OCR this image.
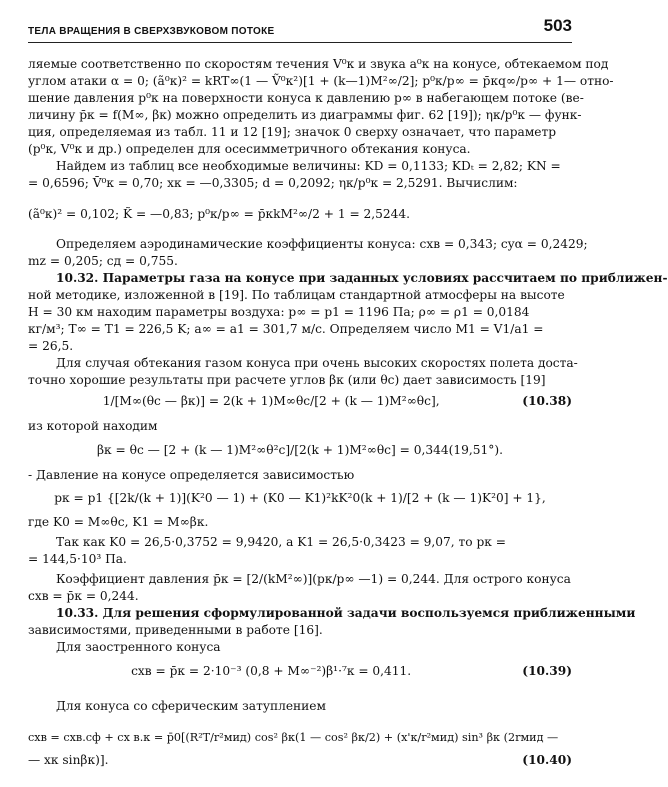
ТЕЛА ВРАЩЕНИЯ В СВЕРХЗВУКОВОМ ПОТОКЕ	503
ляемые соответственно по скоростям течения V⁰к и звука a⁰к на конусе, обтекаемом под
углом атаки α = 0; (ã⁰к)² = kRT∞(1 — Ṽ⁰к²)[1 + (k—1)M²∞/2]; p⁰к/p∞ = p̄кq∞/p∞ + 1— отно-
шение давления p⁰к на поверхности конуса к давлению p∞ в набегающем потоке (ве-
личину p̄к = f(M∞, βк) можно определить из диаграммы фиг. 62 [19]); ηк/p⁰к — функ-
ция, определяемая из табл. 11 и 12 [19]; значок 0 сверху означает, что параметр
(p⁰к, V⁰к и др.) определен для осесимметричного обтекания конуса.
Найдем из таблиц все необходимые величины: KD = 0,1133; KDₜ = 2,82; KN =
= 0,6596; V̄⁰к = 0,70; xк = —0,3305; d = 0,2092; ηк/p⁰к = 2,5291. Вычислим:
(ã⁰к)² = 0,102; K̃ = —0,83; p⁰к/p∞ = p̄кkM²∞/2 + 1 = 2,5244.
Определяем аэродинамические коэффициенты конуса: cxв = 0,343; cyα = 0,2429;
mz = 0,205; cд = 0,755.
10.32. Параметры газа на конусе при заданных условиях рассчитаем по приближен-
ной методике, изложенной в [19]. По таблицам стандартной атмосферы на высоте
H = 30 км находим параметры воздуха: p∞ = p1 = 1196 Па; ρ∞ = ρ1 = 0,0184
кг/м³; T∞ = T1 = 226,5 K; a∞ = a1 = 301,7 м/с. Определяем число M1 = V1/a1 =
= 26,5.
Для случая обтекания газом конуса при очень высоких скоростях полета доста-
точно хорошие результаты при расчете углов βк (или θc) дает зависимость [19]
1/[M∞(θc — βк)] = 2(k + 1)M∞θc/[2 + (k — 1)M²∞θc],	(10.38)
из которой находим
βк = θc — [2 + (k — 1)M²∞θ²c]/[2(k + 1)M²∞θc] = 0,344(19,51°).
- Давление на конусе определяется зависимостью
pк = p1 {[2k/(k + 1)](K²0 — 1) + (K0 — K1)²kK²0(k + 1)/[2 + (k — 1)K²0] + 1},
где K0 = M∞θc, K1 = M∞βк.
Так как K0 = 26,5·0,3752 = 9,9420, а K1 = 26,5·0,3423 = 9,07, то pк =
= 144,5·10³ Па.
Коэффициент давления p̄к = [2/(kM²∞)](pк/p∞ —1) = 0,244. Для острого конуса
cxв = p̄к = 0,244.
10.33. Для решения сформулированной задачи воспользуемся приближенными
зависимостями, приведенными в работе [16].
Для заостренного конуса
cxв = p̄к = 2·10⁻³ (0,8 + M∞⁻²)β¹·⁷к = 0,411.	(10.39)
Для конуса со сферическим затуплением
cxв = cxв.сф + cx в.к = p̄0[(R²T/r²мид) cos² βк(1 — cos² βк/2) + (x'к/r²мид) sin³ βк (2rмид —
— xк sinβк)].	(10.40)
